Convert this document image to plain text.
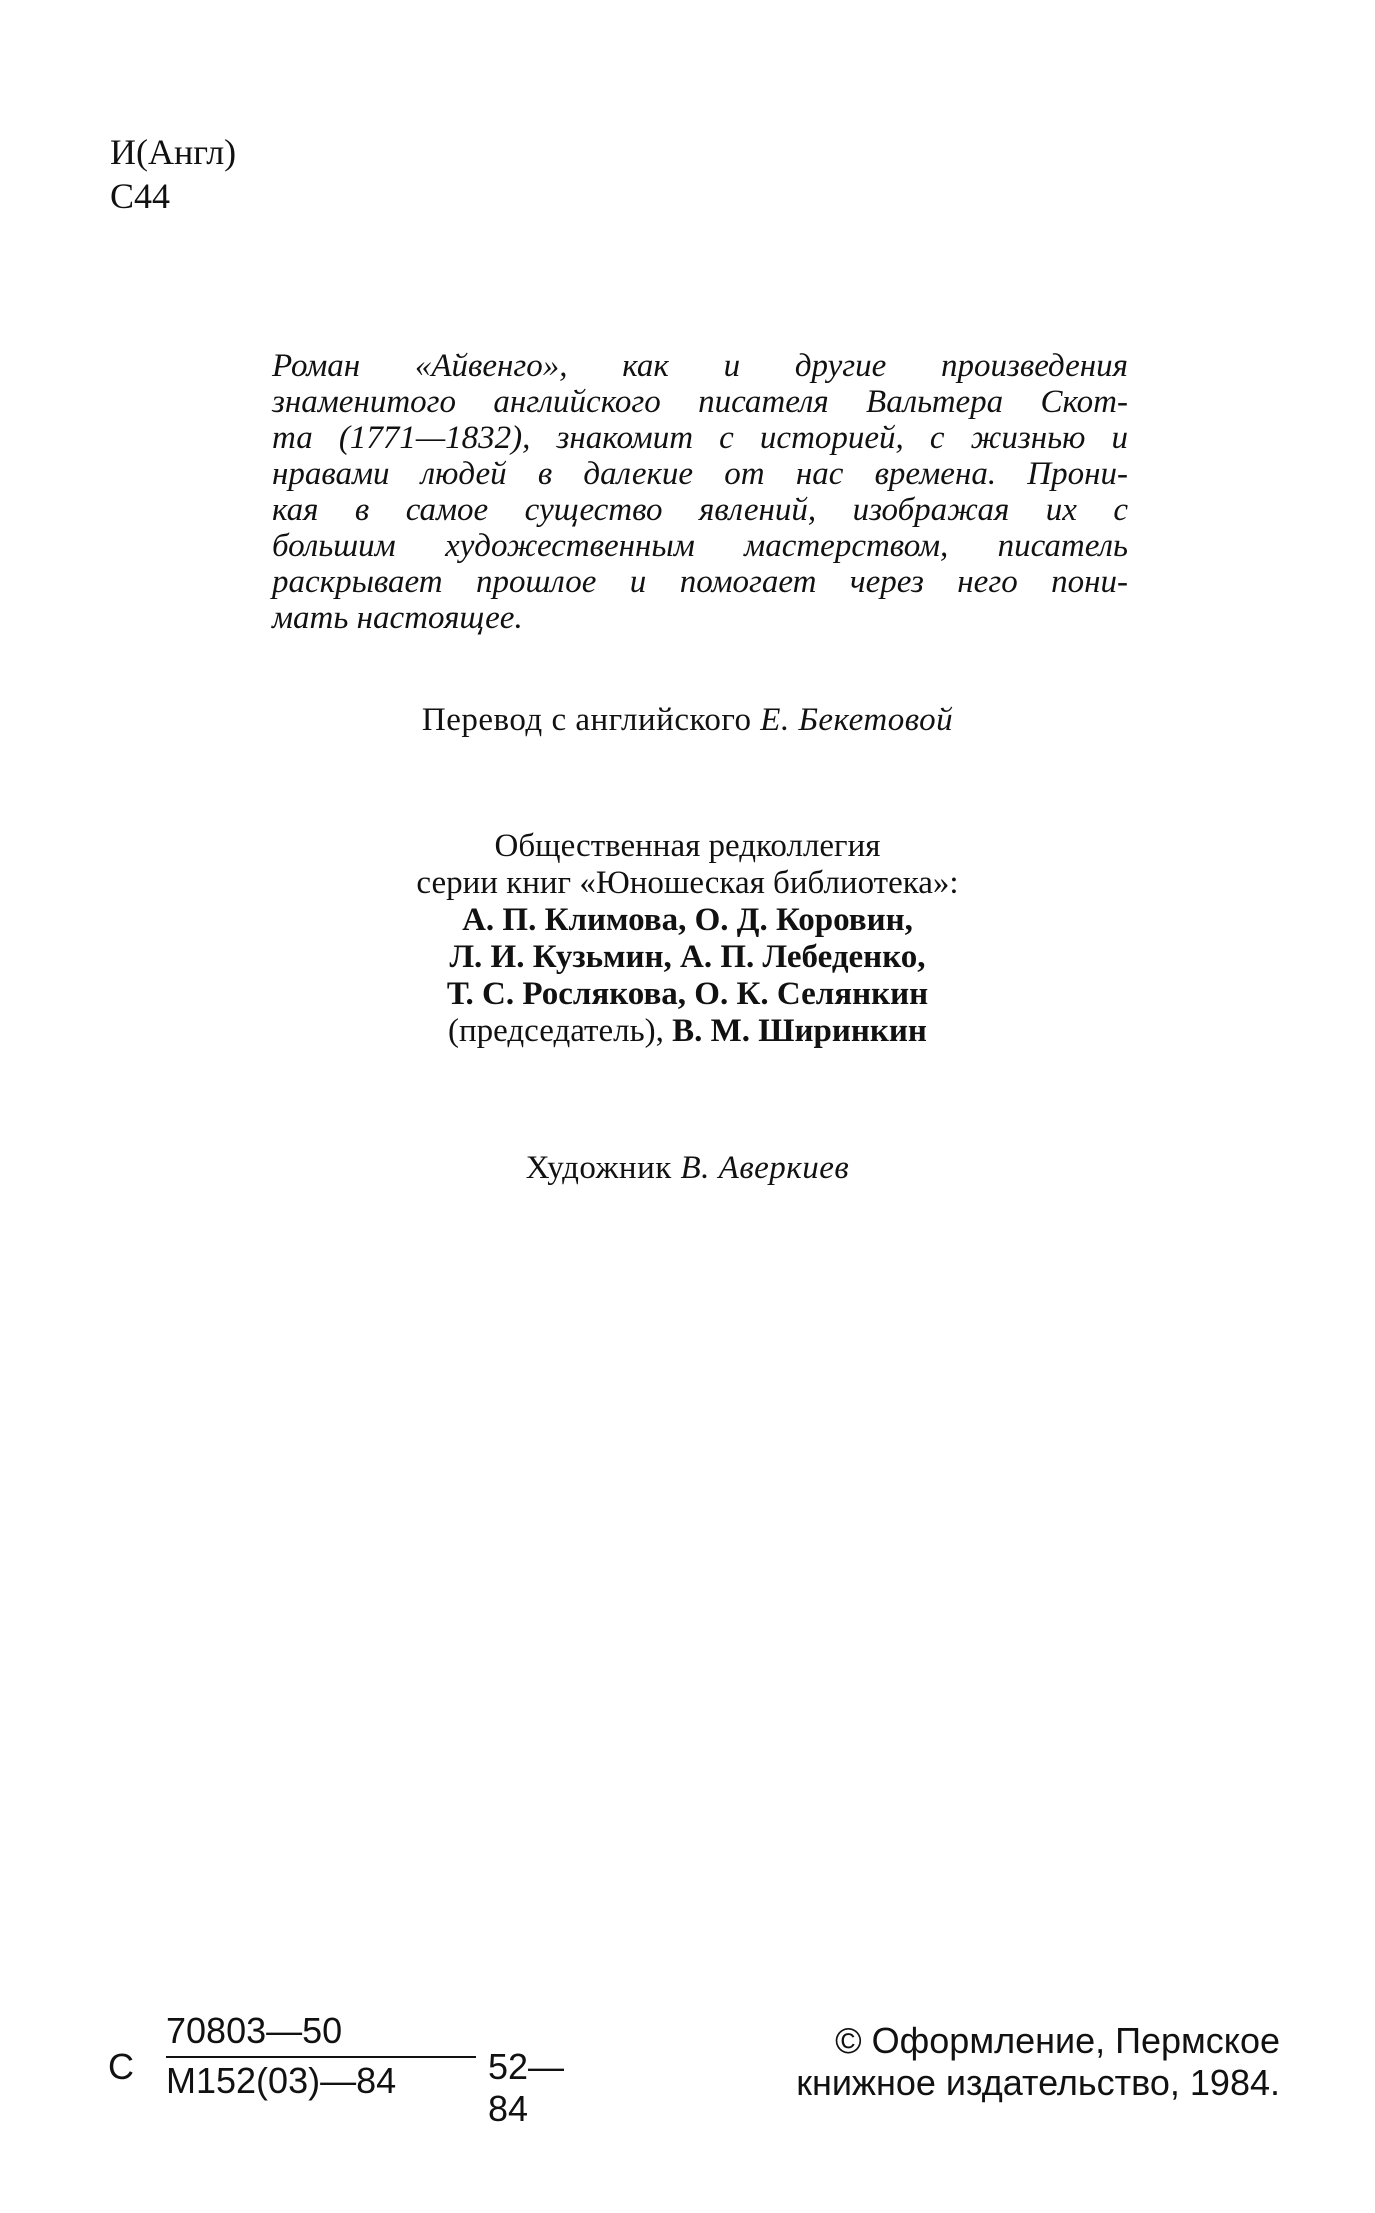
И(Англ)
С44
Роман «Айвенго», как и другие произведения
знаменитого английского писателя Вальтера Скот-
та (1771—1832), знакомит с историей, с жизнью и
нравами людей в далекие от нас времена. Прони-
кая в самое существо явлений, изображая их с
большим художественным мастерством, писатель
раскрывает прошлое и помогает через него пони-
мать настоящее.
Перевод с английского Е. Бекетовой
Общественная редколлегия
серии книг «Юношеская библиотека»:
А. П. Климова, О. Д. Коровин,
Л. И. Кузьмин, А. П. Лебеденко,
Т. С. Рослякова, О. К. Селянкин
(председатель), В. М. Ширинкин
Художник В. Аверкиев
С
70803—50
М152(03)—84	52—84
© Оформление, Пермское
книжное издательство, 1984.
